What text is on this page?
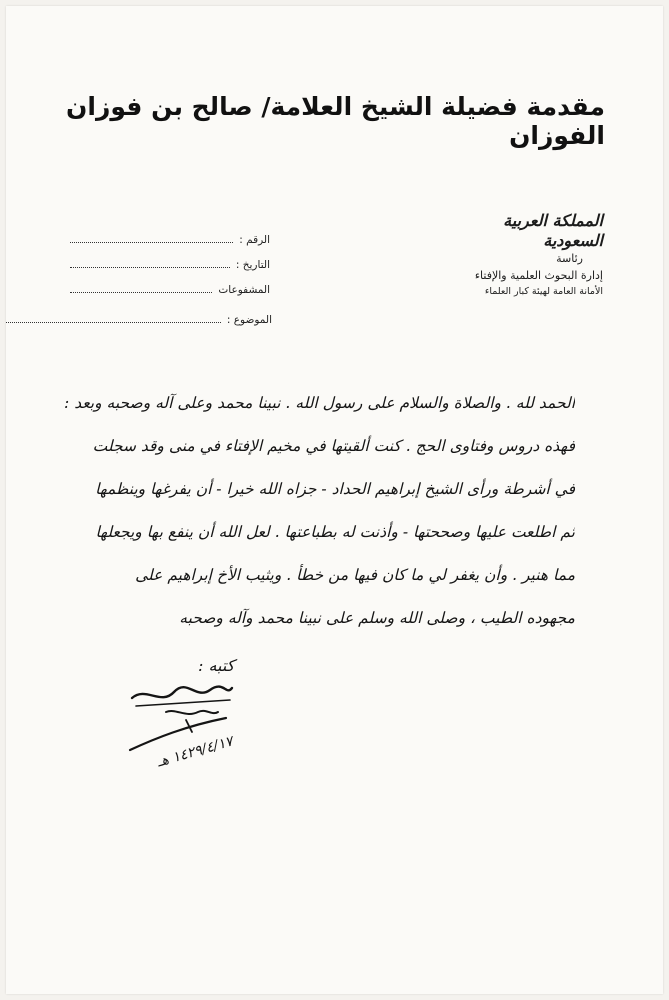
مقدمة فضيلة الشيخ العلامة/ صالح بن فوزان الفوزان
المملكة العربية السعودية
رئاسة
إدارة البحوث العلمية والإفتاء
الأمانة العامة لهيئة كبار العلماء
الرقم :
التاريخ :
المشفوعات
الموضوع :
الحمد لله . والصلاة والسلام على رسول الله . نبينا محمد وعلى آله وصحبه وبعد :
فهذه دروس وفتاوى الحج . كنت ألقيتها في مخيم الإفتاء في منى وقد سجلت
في أشرطة ورأى الشيخ إبراهيم الحداد - جزاه الله خيرا - أن يفرغها وينظمها
ثم اطلعت عليها وصححتها - وأذنت له بطباعتها . لعل الله أن ينفع بها ويجعلها
مما هنير . وأن يغفر لي ما كان فيها من خطأ . ويثيب الأخ إبراهيم على
مجهوده الطيب ، وصلى الله وسلم على نبينا محمد وآله وصحبه
كتبه :
١٤٢٩/٤/١٧ هـ
